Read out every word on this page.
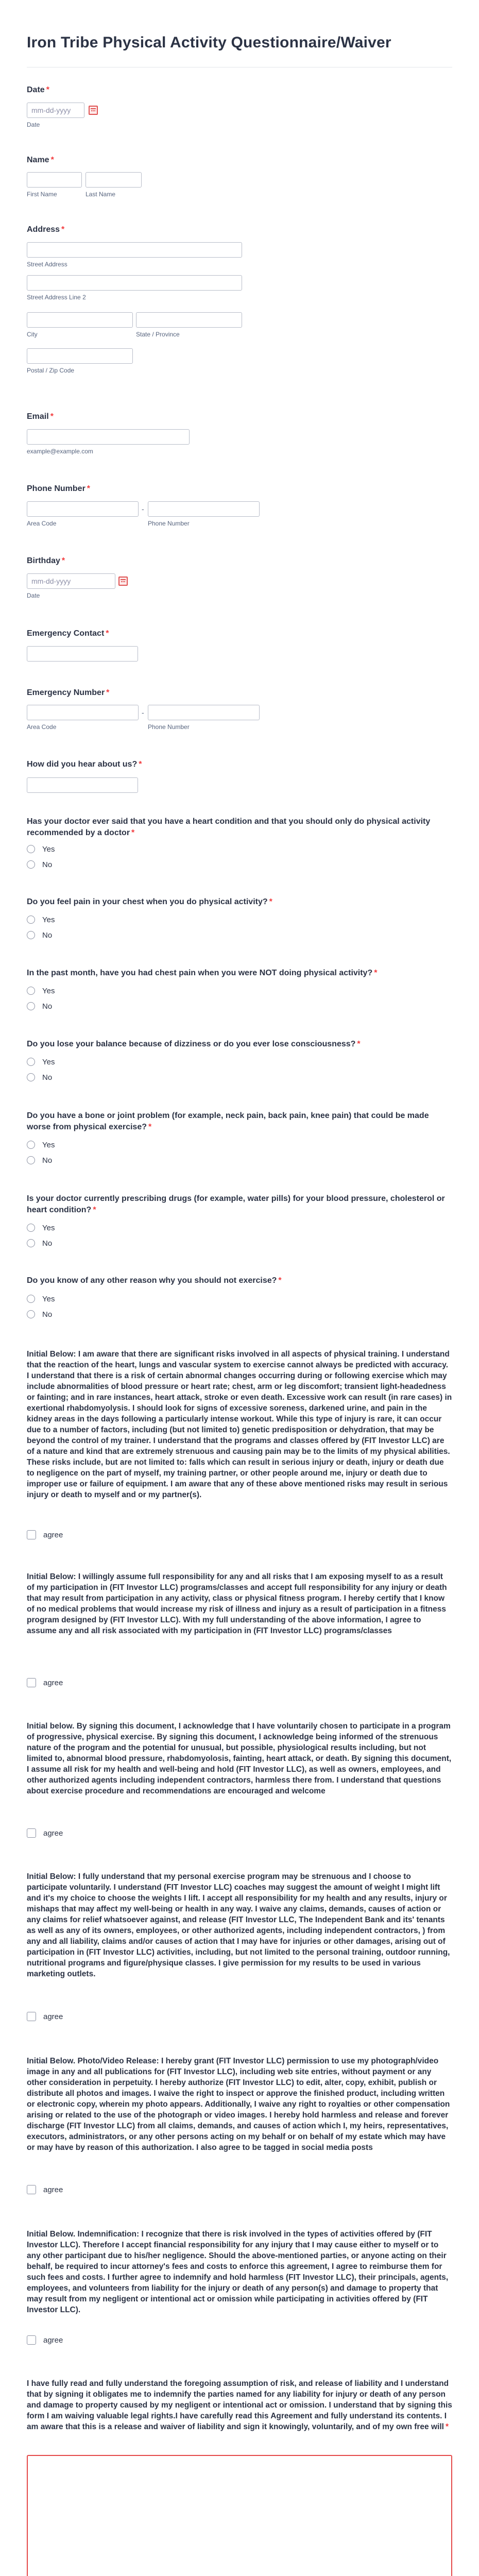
Iron Tribe Physical Activity Questionnaire/Waiver
Date *
mm-dd-yyyy
Date
Name *
First Name	Last Name
Address *
Street Address
Street Address Line 2
City	State / Province
Postal / Zip Code
Email *
example@example.com
Phone Number *
-
Area Code	Phone Number
Birthday *
mm-dd-yyyy
Date
Emergency Contact *
Emergency Number *
-
Area Code	Phone Number
How did you hear about us? *
Has your doctor ever said that you have a heart condition and that you should only do physical activity recommended by a doctor *
Yes
No
Do you feel pain in your chest when you do physical activity? *
Yes
No
In the past month, have you had chest pain when you were NOT doing physical activity? *
Yes
No
Do you lose your balance because of dizziness or do you ever lose consciousness? *
Yes
No
Do you have a bone or joint problem (for example, neck pain, back pain, knee pain) that could be made worse from physical exercise? *
Yes
No
Is your doctor currently prescribing drugs (for example, water pills) for your blood pressure, cholesterol or heart condition? *
Yes
No
Do you know of any other reason why you should not exercise? *
Yes
No
Initial Below: I am aware that there are significant risks involved in all aspects of physical training. I understand that the reaction of the heart, lungs and vascular system to exercise cannot always be predicted with accuracy. I understand that there is a risk of certain abnormal changes occurring during or following exercise which may include abnormalities of blood pressure or heart rate; chest, arm or leg discomfort; transient light-headedness or fainting; and in rare instances, heart attack, stroke or even death. Excessive work can result (in rare cases) in exertional rhabdomyolysis. I should look for signs of excessive soreness, darkened urine, and pain in the kidney areas in the days following a particularly intense workout. While this type of injury is rare, it can occur due to a number of factors, including (but not limited to) genetic predisposition or dehydration, that may be beyond the control of my trainer. I understand that the programs and classes offered by (FIT Investor LLC) are of a nature and kind that are extremely strenuous and causing pain may be to the limits of my physical abilities. These risks include, but are not limited to: falls which can result in serious injury or death, injury or death due to negligence on the part of myself, my training partner, or other people around me, injury or death due to improper use or failure of equipment. I am aware that any of these above mentioned risks may result in serious injury or death to myself and or my partner(s).
agree
Initial Below: I willingly assume full responsibility for any and all risks that I am exposing myself to as a result of my participation in (FIT Investor LLC) programs/classes and accept full responsibility for any injury or death that may result from participation in any activity, class or physical fitness program. I hereby certify that I know of no medical problems that would increase my risk of illness and injury as a result of participation in a fitness program designed by (FIT Investor LLC). With my full understanding of the above information, I agree to assume any and all risk associated with my participation in (FIT Investor LLC) programs/classes
agree
Initial below. By signing this document, I acknowledge that I have voluntarily chosen to participate in a program of progressive, physical exercise. By signing this document, I acknowledge being informed of the strenuous nature of the program and the potential for unusual, but possible, physiological results including, but not limited to, abnormal blood pressure, rhabdomyolosis, fainting, heart attack, or death. By signing this document, I assume all risk for my health and well-being and hold (FIT Investor LLC), as well as owners, employees, and other authorized agents including independent contractors, harmless there from. I understand that questions about exercise procedure and recommendations are encouraged and welcome
agree
Initial Below: I fully understand that my personal exercise program may be strenuous and I choose to participate voluntarily. I understand (FIT Investor LLC) coaches may suggest the amount of weight I might lift and it's my choice to choose the weights I lift. I accept all responsibility for my health and any results, injury or mishaps that may affect my well-being or health in any way. I waive any claims, demands, causes of action or any claims for relief whatsoever against, and release (FIT Investor LLC, The Independent Bank and its' tenants as well as any of its owners, employees, or other authorized agents, including independent contractors, ) from any and all liability, claims and/or causes of action that I may have for injuries or other damages, arising out of participation in (FIT Investor LLC) activities, including, but not limited to the personal training, outdoor running, nutritional programs and figure/physique classes. I give permission for my results to be used in various marketing outlets.
agree
Initial Below. Photo/Video Release: I hereby grant (FIT Investor LLC) permission to use my photograph/video image in any and all publications for (FIT Investor LLC), including web site entries, without payment or any other consideration in perpetuity. I hereby authorize (FIT Investor LLC) to edit, alter, copy, exhibit, publish or distribute all photos and images. I waive the right to inspect or approve the finished product, including written or electronic copy, wherein my photo appears. Additionally, I waive any right to royalties or other compensation arising or related to the use of the photograph or video images. I hereby hold harmless and release and forever discharge (FIT Investor LLC) from all claims, demands, and causes of action which I, my heirs, representatives, executors, administrators, or any other persons acting on my behalf or on behalf of my estate which may have or may have by reason of this authorization. I also agree to be tagged in social media posts
agree
Initial Below. Indemnification: I recognize that there is risk involved in the types of activities offered by (FIT Investor LLC). Therefore I accept financial responsibility for any injury that I may cause either to myself or to any other participant due to his/her negligence. Should the above-mentioned parties, or anyone acting on their behalf, be required to incur attorney's fees and costs to enforce this agreement, I agree to reimburse them for such fees and costs. I further agree to indemnify and hold harmless (FIT Investor LLC), their principals, agents, employees, and volunteers from liability for the injury or death of any person(s) and damage to property that may result from my negligent or intentional act or omission while participating in activities offered by (FIT Investor LLC).
agree
I have fully read and fully understand the foregoing assumption of risk, and release of liability and I understand that by signing it obligates me to indemnify the parties named for any liability for injury or death of any person and damage to property caused by my negligent or intentional act or omission. I understand that by signing this form I am waiving valuable legal rights.I have carefully read this Agreement and fully understand its contents. I am aware that this is a release and waiver of liability and sign it knowingly, voluntarily, and of my own free will *
